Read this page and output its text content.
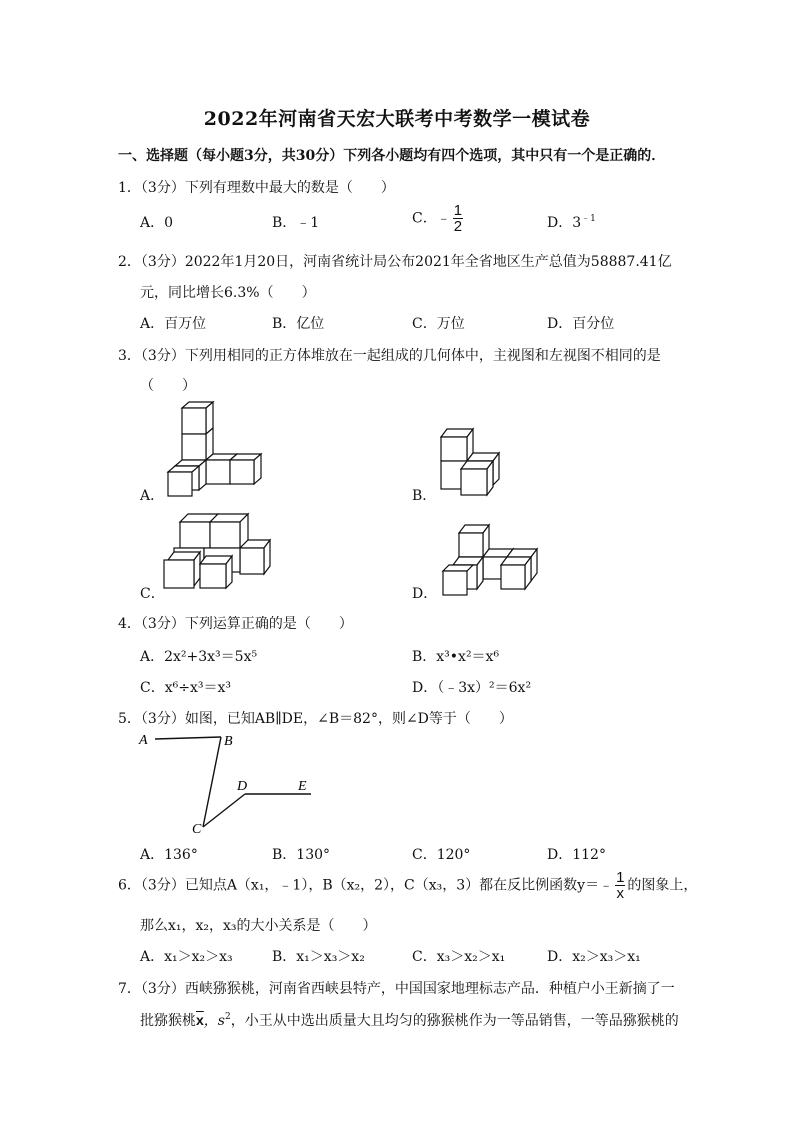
2022年河南省天宏大联考中考数学一模试卷
一、选择题（每小题3分，共30分）下列各小题均有四个选项，其中只有一个是正确的．
1．（3分）下列有理数中最大的数是（　　）
A．0	B．﹣1	C．﹣ $\frac{1}{2}$	D．$3^{﹣1}$
2．（3分）2022年1月20日，河南省统计局公布2021年全省地区生产总值为58887.41亿
元，同比增长6.3%（　　）
A．百万位	B．亿位	C．万位	D．百分位
3．（3分）下列用相同的正方体堆放在一起组成的几何体中，主视图和左视图不相同的是
（　　）
A．	B．
C．	D．
4．（3分）下列运算正确的是（　　）
A．2x²+3x³＝5x⁵	B．x³•x²＝x⁶
C．x⁶÷x³＝x³	D．（﹣3x）²＝6x²
5．（3分）如图，已知AB∥DE，∠B＝82°，则∠D等于（　　）
A	B
C
D	E
A．136°	B．130°	C．120°	D．112°
6．（3分）已知点A（x₁，﹣1），B（x₂，2），C（x₃，3）都在反比例函数y＝﹣ $\frac{1}{x}$ 的图象上，
那么x₁，x₂，x₃的大小关系是（　　）
A．x₁＞x₂＞x₃	B．x₁＞x₃＞x₂	C．x₃＞x₂＞x₁	D．x₂＞x₃＞x₁
7．（3分）西峡猕猴桃，河南省西峡县特产，中国国家地理标志产品．种植户小王新摘了一
批猕猴桃$\overline{x}$，$s^2$，小王从中选出质量大且均匀的猕猴桃作为一等品销售，一等品猕猴桃的
